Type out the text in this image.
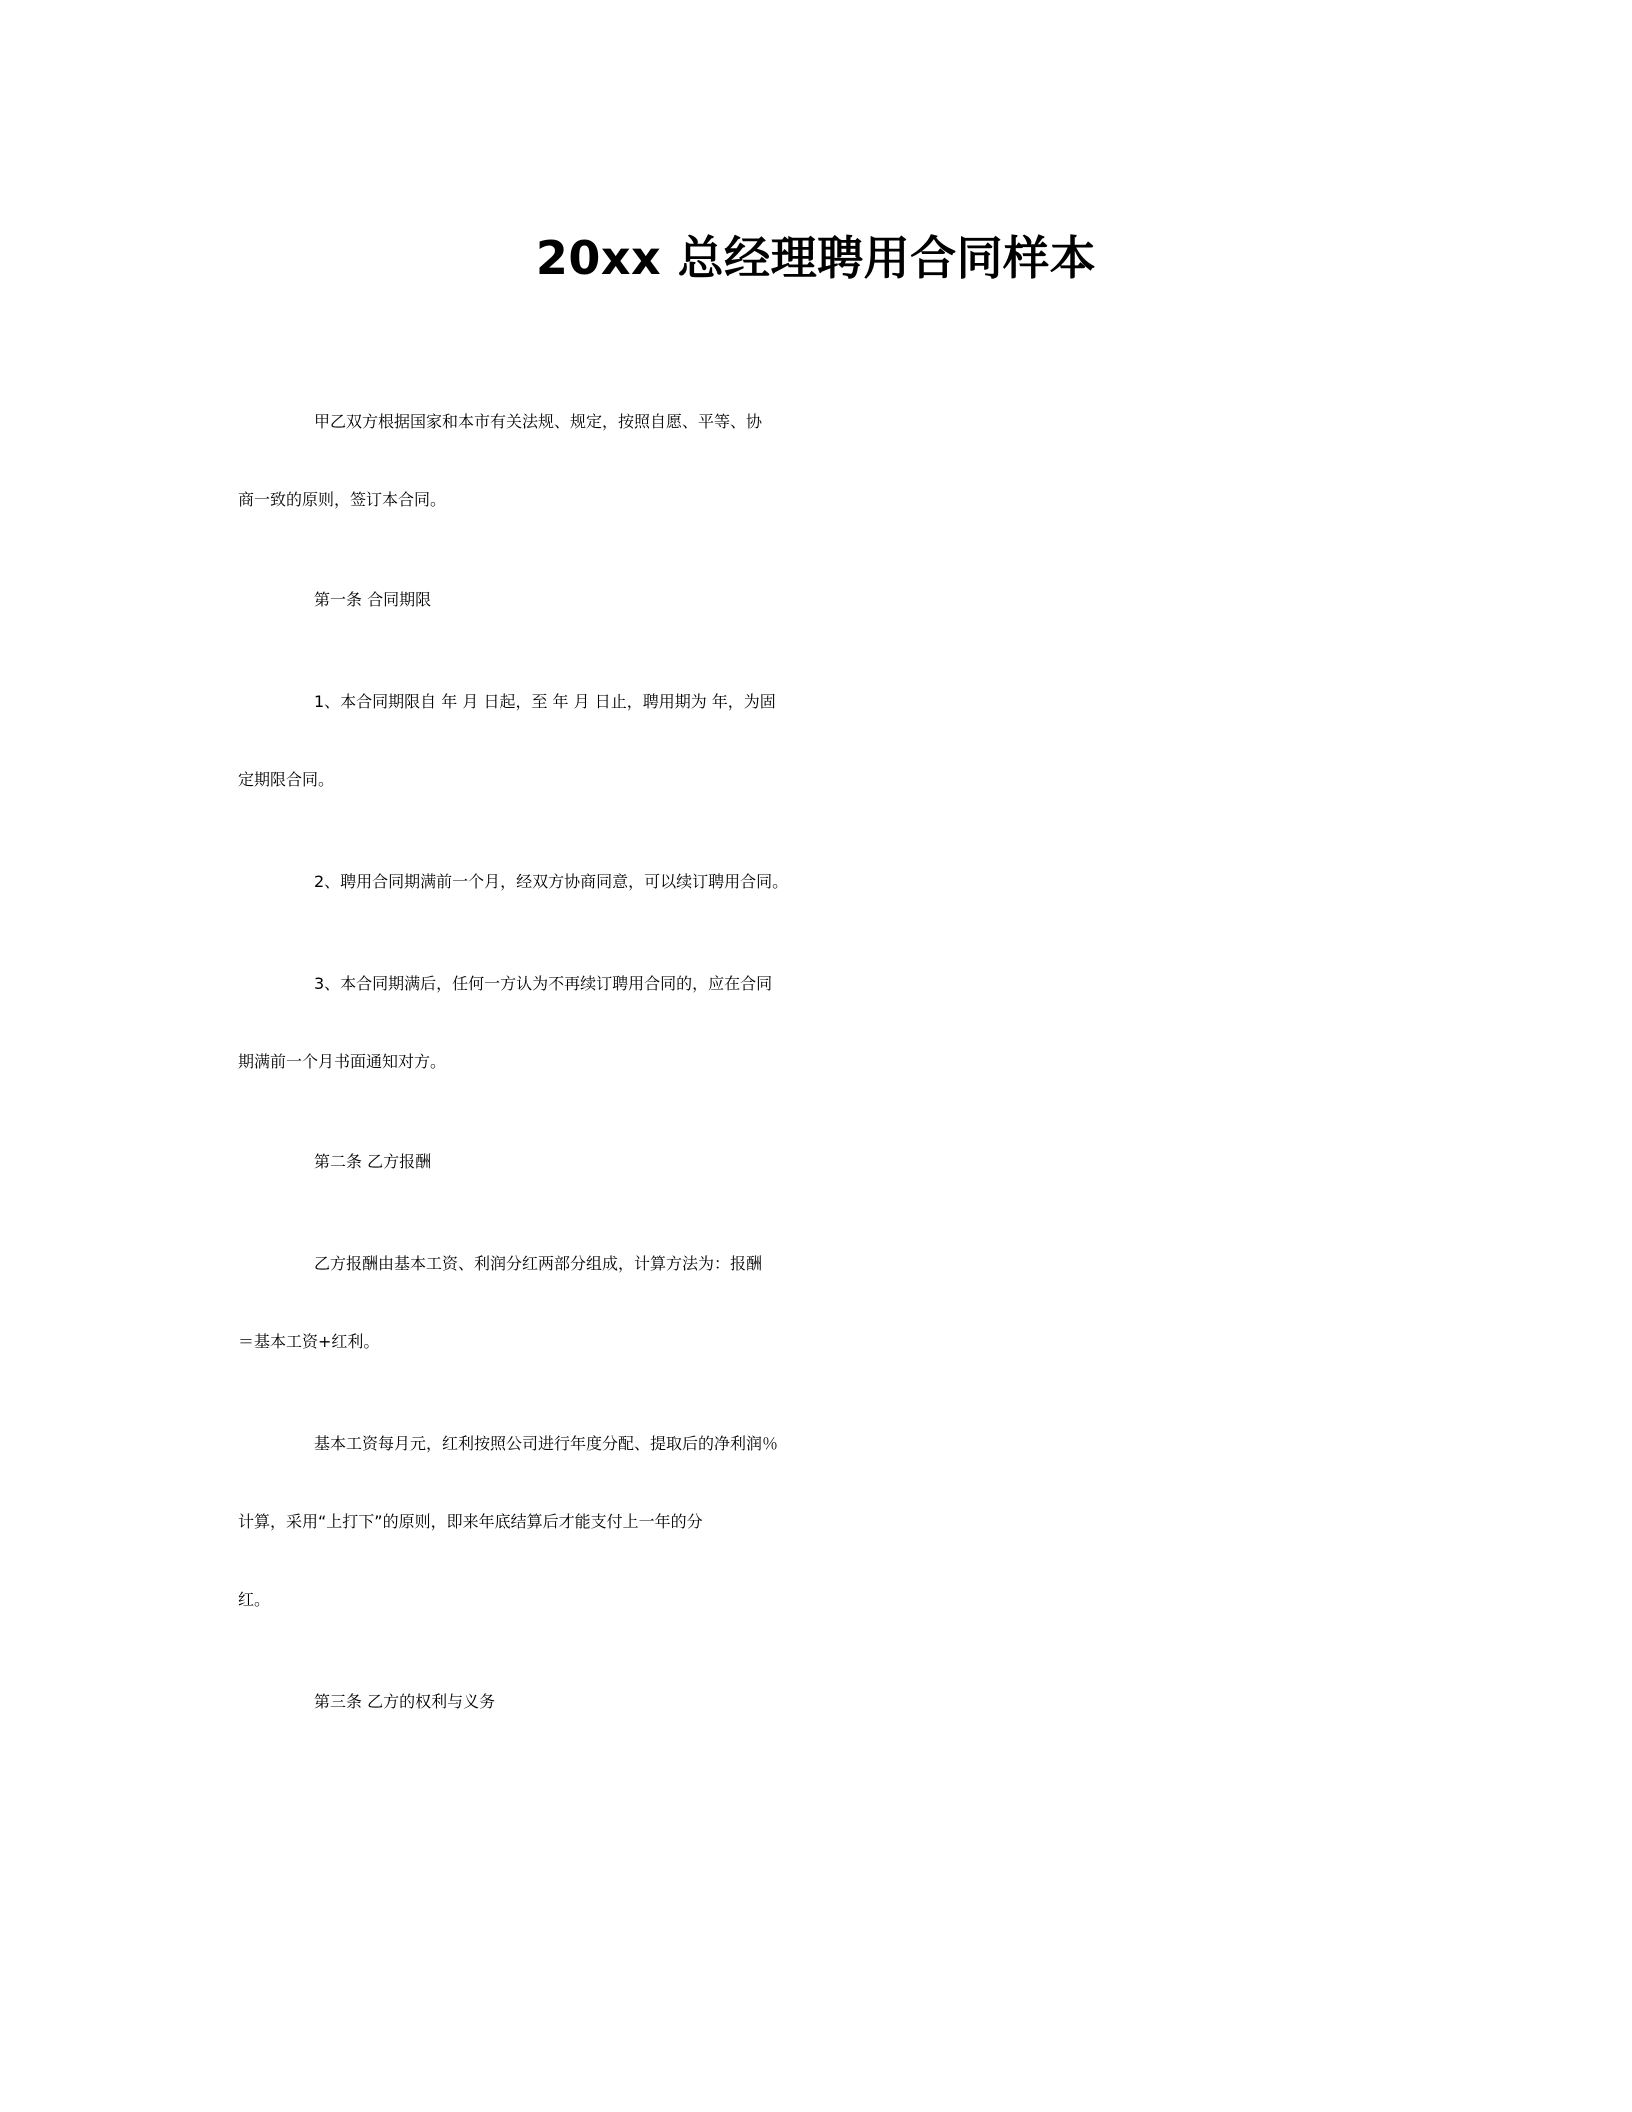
20xx 总经理聘用合同样本
甲乙双方根据国家和本市有关法规、规定，按照自愿、平等、协
商一致的原则，签订本合同。
第一条 合同期限
1、本合同期限自 年 月 日起，至 年 月 日止，聘用期为 年，为固
定期限合同。
2、聘用合同期满前一个月，经双方协商同意，可以续订聘用合同。
3、本合同期满后，任何一方认为不再续订聘用合同的，应在合同
期满前一个月书面通知对方。
第二条 乙方报酬
乙方报酬由基本工资、利润分红两部分组成，计算方法为：报酬
＝基本工资+红利。
基本工资每月元，红利按照公司进行年度分配、提取后的净利润％
计算，采用“上打下”的原则，即来年底结算后才能支付上一年的分
红。
第三条 乙方的权利与义务
